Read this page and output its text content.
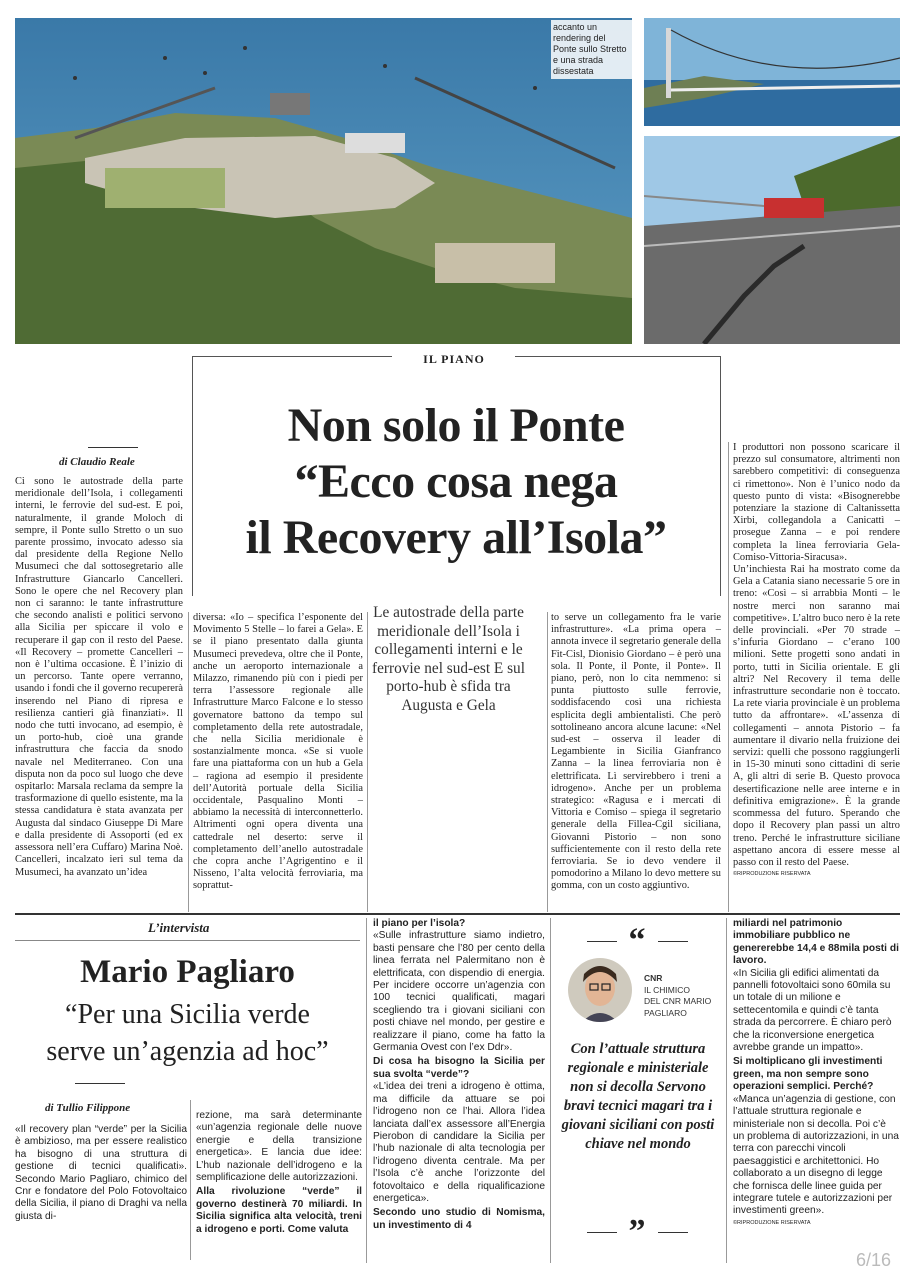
accanto un rendering del Ponte sullo Stretto e una strada dissestata
IL PIANO
Non solo il Ponte
“Ecco cosa nega
il Recovery all’Isola”
di Claudio Reale
Le autostrade della parte meridionale dell’Isola i collegamenti interni e le ferrovie nel sud-est E sul porto-hub è sfida tra Augusta e Gela

Ci sono le autostrade della parte meridionale dell’Isola, i collegamenti interni, le ferrovie del sud-est. E poi, naturalmente, il grande Moloch di sempre, il Ponte sullo Stretto o un suo parente prossimo, invocato adesso sia dal presidente della Regione Nello Musumeci che dal sottosegretario alle Infrastrutture Giancarlo Cancelleri. Sono le opere che nel Recovery plan non ci saranno: le tante infrastrutture che secondo analisti e politici servono alla Sicilia per spiccare il volo e recuperare il gap con il resto del Paese. «Il Recovery – promette Cancelleri – non è l’ultima occasione. È l’inizio di un percorso. Tante opere verranno, usando i fondi che il governo recupererà inserendo nel Piano di ripresa e resilienza cantieri già finanziati». Il nodo che tutti invocano, ad esempio, è un porto-hub, cioè una grande infrastruttura che faccia da snodo navale nel Mediterraneo. Con una disputa non da poco sul luogo che deve ospitarlo: Marsala reclama da sempre la trasformazione di quello esistente, ma la stessa candidatura è stata avanzata per Augusta dal sindaco Giuseppe Di Mare e dalla presidente di Assoporti (ed ex assessora nell’era Cuffaro) Marina Noè. Cancelleri, incalzato ieri sul tema da Musumeci, ha avanzato un’idea

diversa: «Io – specifica l’esponente del Movimento 5 Stelle – lo farei a Gela». E se il piano presentato dalla giunta Musumeci prevedeva, oltre che il Ponte, anche un aeroporto internazionale a Milazzo, rimanendo più con i piedi per terra l’assessore regionale alle Infrastrutture Marco Falcone e lo stesso governatore battono da tempo sul completamento della rete autostradale, che nella Sicilia meridionale è sostanzialmente monca. «Se si vuole fare una piattaforma con un hub a Gela – ragiona ad esempio il presidente dell’Autorità portuale della Sicilia occidentale, Pasqualino Monti – abbiamo la necessità di interconnetterlo. Altrimenti ogni opera diventa una cattedrale nel deserto: serve il completamento dell’anello autostradale che copra anche l’Agrigentino e il Nisseno, l’alta velocità ferroviaria, ma soprattut-

to serve un collegamento fra le varie infrastrutture». «La prima opera – annota invece il segretario generale della Fit-Cisl, Dionisio Giordano – è però una sola. Il Ponte, il Ponte, il Ponte». Il piano, però, non lo cita nemmeno: si punta piuttosto sulle ferrovie, soddisfacendo così una richiesta esplicita degli ambientalisti. Che però sottolineano ancora alcune lacune: «Nel sud-est – osserva il leader di Legambiente in Sicilia Gianfranco Zanna – la linea ferroviaria non è elettrificata. Lì servirebbero i treni a idrogeno». Anche per un problema strategico: «Ragusa e i mercati di Vittoria e Comiso – spiega il segretario generale della Fillea-Cgil siciliana, Giovanni Pistorio – non sono sufficientemente con il resto della rete ferroviaria. Se io devo vendere il pomodorino a Milano lo devo mettere su gomma, con un costo aggiuntivo.

I produttori non possono scaricare il prezzo sul consumatore, altrimenti non sarebbero competitivi: di conseguenza ci rimettono». Non è l’unico nodo da questo punto di vista: «Bisognerebbe potenziare la stazione di Caltanissetta Xirbi, collegandola a Canicattì – prosegue Zanna – e poi rendere completa la linea ferroviaria Gela-Comiso-Vittoria-Siracusa». Un’inchiesta Rai ha mostrato come da Gela a Catania siano necessarie 5 ore in treno: «Così – si arrabbia Monti – le nostre merci non saranno mai competitive». L’altro buco nero è la rete delle provinciali. «Per 70 strade – s’infuria Giordano – c’erano 100 milioni. Sette progetti sono andati in porto, tutti in Sicilia orientale. E gli altri? Nel Recovery il tema delle infrastrutture secondarie non è toccato. La rete viaria provinciale è un problema tutto da affrontare». «L’assenza di collegamenti – annota Pistorio – fa aumentare il divario nella fruizione dei servizi: quelli che possono raggiungerli in 15-30 minuti sono cittadini di serie A, gli altri di serie B. Questo provoca desertificazione nelle aree interne e in definitiva emigrazione». È la grande scommessa del futuro. Sperando che dopo il Recovery plan passi un altro treno. Perché le infrastrutture siciliane aspettano ancora di essere messe al passo con il resto del Paese.

©RIPRODUZIONE RISERVATA
L’intervista
Mario Pagliaro
“Per una Sicilia verde
serve un’agenzia ad hoc”
di Tullio Filippone

«Il recovery plan “verde” per la Sicilia è ambizioso, ma per essere realistico ha bisogno di una struttura di gestione di tecnici qualificati». Secondo Mario Pagliaro, chimico del Cnr e fondatore del Polo Fotovoltaico della Sicilia, il piano di Draghi va nella giusta di-

rezione, ma sarà determinante «un’agenzia regionale delle nuove energie e della transizione energetica». E lancia due idee: L’hub nazionale dell’idrogeno e la semplificazione delle autorizzazioni.

Alla rivoluzione “verde” il governo destinerà 70 miliardi. In Sicilia significa alta velocità, treni a idrogeno e porti. Come valuta

il piano per l’isola?

«Sulle infrastrutture siamo indietro, basti pensare che l’80 per cento della linea ferrata nel Palermitano non è elettrificata, con dispendio di energia. Per incidere occorre un’agenzia con 100 tecnici qualificati, magari scegliendo tra i giovani siciliani con posti chiave nel mondo, per gestire e realizzare il piano, come ha fatto la Germania Ovest con l’ex Ddr».

Di cosa ha bisogno la Sicilia per sua svolta “verde”?

«L’idea dei treni a idrogeno è ottima, ma difficile da attuare se poi l’idrogeno non ce l’hai. Allora l’idea lanciata dall’ex assessore all’Energia Pierobon di candidare la Sicilia per l’hub nazionale di alta tecnologia per l’idrogeno diventa centrale. Ma per l’Isola c’è anche l’orizzonte del fotovoltaico e della riqualificazione energetica».

Secondo uno studio di Nomisma, un investimento di 4

“
CNR
IL CHIMICO
DEL CNR MARIO
PAGLIARO
Con l’attuale struttura regionale e ministeriale non si decolla Servono bravi tecnici magari tra i giovani siciliani con posti chiave nel mondo
”

miliardi nel patrimonio immobiliare pubblico ne genererebbe 14,4 e 88mila posti di lavoro.

«In Sicilia gli edifici alimentati da pannelli fotovoltaici sono 60mila su un totale di un milione e settecentomila e quindi c’è tanta strada da percorrere. È chiaro però che la riconversione energetica avrebbe grande un impatto».

Si moltiplicano gli investimenti green, ma non sempre sono operazioni semplici. Perché?

«Manca un’agenzia di gestione, con l’attuale struttura regionale e ministeriale non si decolla. Poi c’è un problema di autorizzazioni, in una terra con parecchi vincoli paesaggistici e architettonici. Ho collaborato a un disegno di legge che fornisca delle linee guida per integrare tutele e autorizzazioni per investimenti green».

©RIPRODUZIONE RISERVATA
6/16
